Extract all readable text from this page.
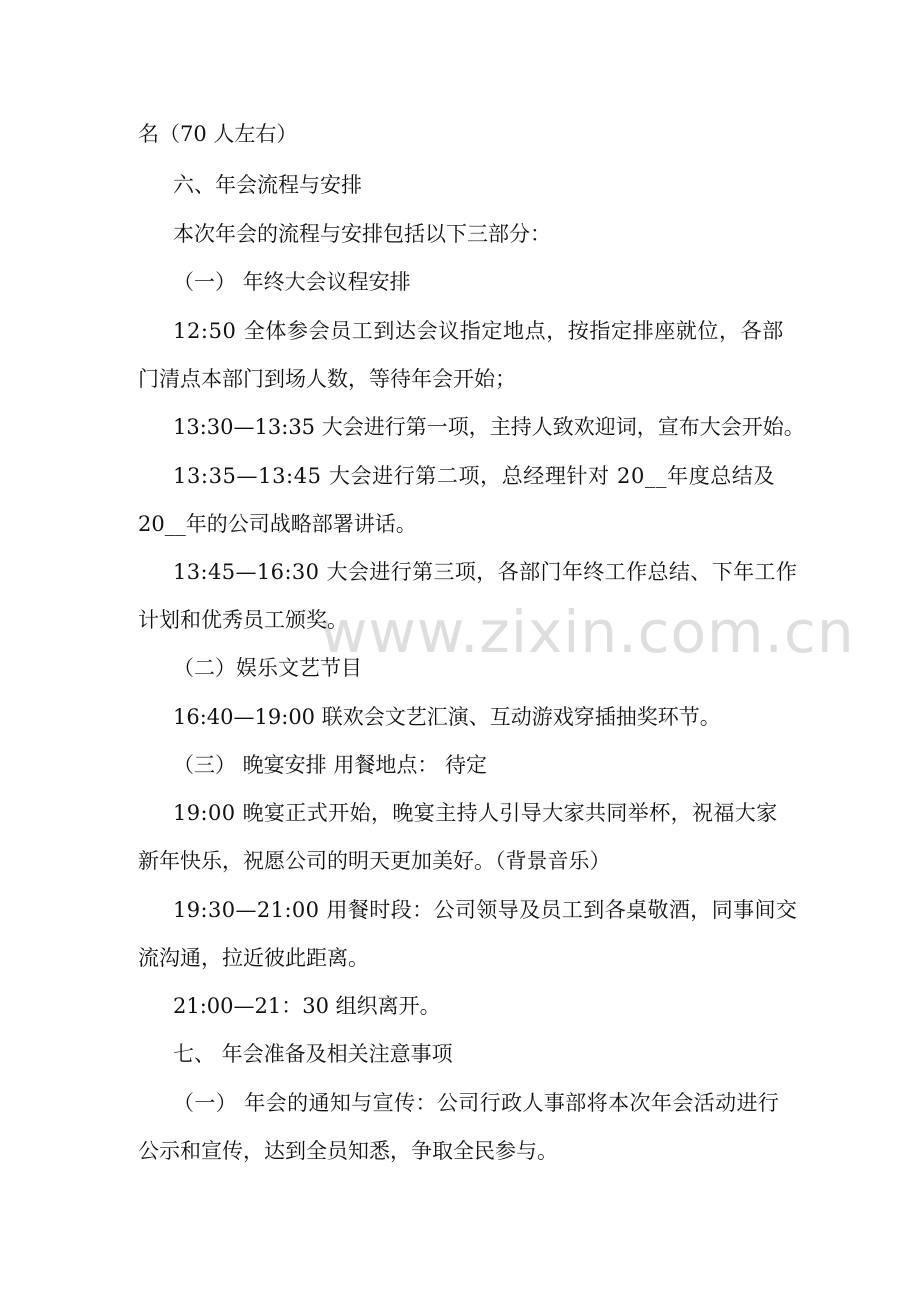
www.zixin.com.cn
名（70 人左右）
六、年会流程与安排
本次年会的流程与安排包括以下三部分：
（一） 年终大会议程安排
12:50 全体参会员工到达会议指定地点，按指定排座就位，各部
门清点本部门到场人数，等待年会开始；
13:30—13:35 大会进行第一项，主持人致欢迎词，宣布大会开始。
13:35—13:45 大会进行第二项，总经理针对 20__年度总结及
20__年的公司战略部署讲话。
13:45—16:30 大会进行第三项，各部门年终工作总结、下年工作
计划和优秀员工颁奖。
（二）娱乐文艺节目
16:40—19:00 联欢会文艺汇演、互动游戏穿插抽奖环节。
（三） 晚宴安排 用餐地点： 待定
19:00 晚宴正式开始，晚宴主持人引导大家共同举杯，祝福大家
新年快乐，祝愿公司的明天更加美好。（背景音乐）
19:30—21:00 用餐时段：公司领导及员工到各桌敬酒，同事间交
流沟通，拉近彼此距离。
21:00—21：30 组织离开。
七、 年会准备及相关注意事项
（一） 年会的通知与宣传：公司行政人事部将本次年会活动进行
公示和宣传，达到全员知悉，争取全民参与。
